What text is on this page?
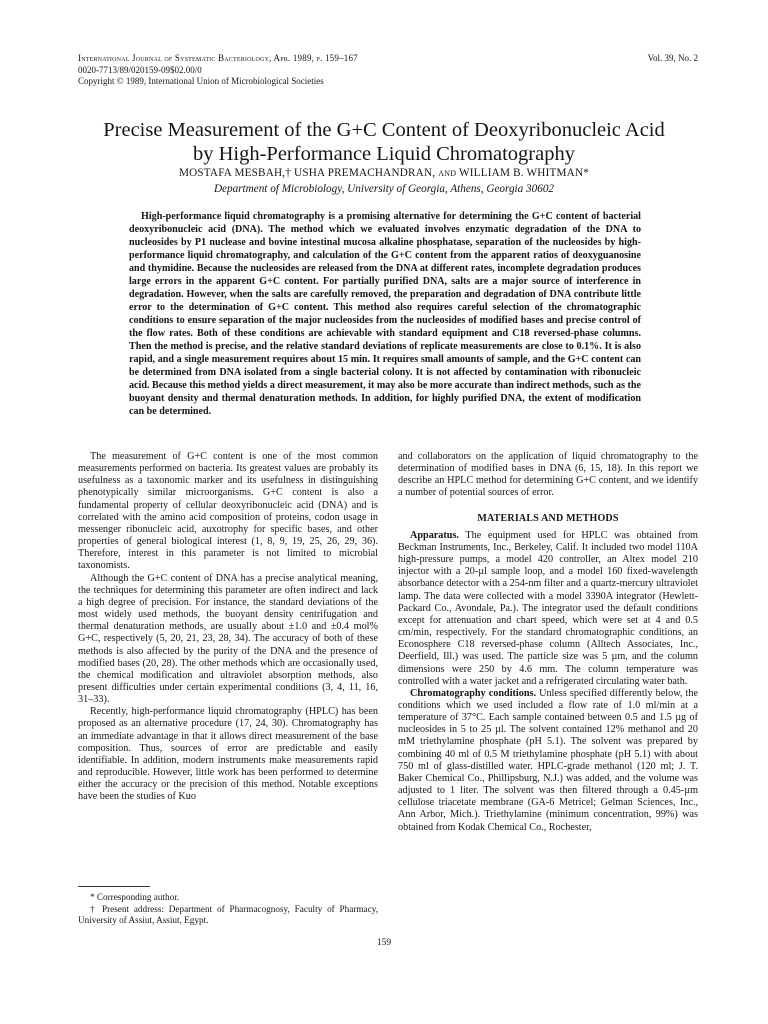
International Journal of Systematic Bacteriology, Apr. 1989, p. 159–167
0020-7713/89/020159-09$02.00/0
Copyright © 1989, International Union of Microbiological Societies
Vol. 39, No. 2
Precise Measurement of the G+C Content of Deoxyribonucleic Acid
by High-Performance Liquid Chromatography
MOSTAFA MESBAH,† USHA PREMACHANDRAN, and WILLIAM B. WHITMAN*
Department of Microbiology, University of Georgia, Athens, Georgia 30602

High-performance liquid chromatography is a promising alternative for determining the G+C content of bacterial deoxyribonucleic acid (DNA). The method which we evaluated involves enzymatic degradation of the DNA to nucleosides by P1 nuclease and bovine intestinal mucosa alkaline phosphatase, separation of the nucleosides by high-performance liquid chromatography, and calculation of the G+C content from the apparent ratios of deoxyguanosine and thymidine. Because the nucleosides are released from the DNA at different rates, incomplete degradation produces large errors in the apparent G+C content. For partially purified DNA, salts are a major source of interference in degradation. However, when the salts are carefully removed, the preparation and degradation of DNA contribute little error to the determination of G+C content. This method also requires careful selection of the chromatographic conditions to ensure separation of the major nucleosides from the nucleosides of modified bases and precise control of the flow rates. Both of these conditions are achievable with standard equipment and C18 reversed-phase columns. Then the method is precise, and the relative standard deviations of replicate measurements are close to 0.1%. It is also rapid, and a single measurement requires about 15 min. It requires small amounts of sample, and the G+C content can be determined from DNA isolated from a single bacterial colony. It is not affected by contamination with ribonucleic acid. Because this method yields a direct measurement, it may also be more accurate than indirect methods, such as the buoyant density and thermal denaturation methods. In addition, for highly purified DNA, the extent of modification can be determined.

The measurement of G+C content is one of the most common measurements performed on bacteria. Its greatest values are probably its usefulness as a taxonomic marker and its usefulness in distinguishing phenotypically similar microorganisms. G+C content is also a fundamental property of cellular deoxyribonucleic acid (DNA) and is correlated with the amino acid composition of proteins, codon usage in messenger ribonucleic acid, auxotrophy for specific bases, and other properties of general biological interest (1, 8, 9, 19, 25, 26, 29, 36). Therefore, interest in this parameter is not limited to microbial taxonomists.

Although the G+C content of DNA has a precise analytical meaning, the techniques for determining this parameter are often indirect and lack a high degree of precision. For instance, the standard deviations of the most widely used methods, the buoyant density centrifugation and thermal denaturation methods, are usually about ±1.0 and ±0.4 mol% G+C, respectively (5, 20, 21, 23, 28, 34). The accuracy of both of these methods is also affected by the purity of the DNA and the presence of modified bases (20, 28). The other methods which are occasionally used, the chemical modification and ultraviolet absorption methods, also present difficulties under certain experimental conditions (3, 4, 11, 16, 31–33).

Recently, high-performance liquid chromatography (HPLC) has been proposed as an alternative procedure (17, 24, 30). Chromatography has an immediate advantage in that it allows direct measurement of the base composition. Thus, sources of error are predictable and easily identifiable. In addition, modern instruments make measurements rapid and reproducible. However, little work has been performed to determine either the accuracy or the precision of this method. Notable exceptions have been the studies of Kuo

and collaborators on the application of liquid chromatography to the determination of modified bases in DNA (6, 15, 18). In this report we describe an HPLC method for determining G+C content, and we identify a number of potential sources of error.

MATERIALS AND METHODS

Apparatus. The equipment used for HPLC was obtained from Beckman Instruments, Inc., Berkeley, Calif. It included two model 110A high-pressure pumps, a model 420 controller, an Altex model 210 injector with a 20-µl sample loop, and a model 160 fixed-wavelength absorbance detector with a 254-nm filter and a quartz-mercury ultraviolet lamp. The data were collected with a model 3390A integrator (Hewlett-Packard Co., Avondale, Pa.). The integrator used the default conditions except for attenuation and chart speed, which were set at 4 and 0.5 cm/min, respectively. For the standard chromatographic conditions, an Econosphere C18 reversed-phase column (Alltech Associates, Inc., Deerfield, Ill.) was used. The particle size was 5 µm, and the column dimensions were 250 by 4.6 mm. The column temperature was controlled with a water jacket and a refrigerated circulating water bath.

Chromatography conditions. Unless specified differently below, the conditions which we used included a flow rate of 1.0 ml/min at a temperature of 37°C. Each sample contained between 0.5 and 1.5 µg of nucleosides in 5 to 25 µl. The solvent contained 12% methanol and 20 mM triethylamine phosphate (pH 5.1). The solvent was prepared by combining 40 ml of 0.5 M triethylamine phosphate (pH 5.1) with about 750 ml of glass-distilled water. HPLC-grade methanol (120 ml; J. T. Baker Chemical Co., Phillipsburg, N.J.) was added, and the volume was adjusted to 1 liter. The solvent was then filtered through a 0.45-µm cellulose triacetate membrane (GA-6 Metricel; Gelman Sciences, Inc., Ann Arbor, Mich.). Triethylamine (minimum concentration, 99%) was obtained from Kodak Chemical Co., Rochester,

* Corresponding author.

† Present address: Department of Pharmacognosy, Faculty of Pharmacy, University of Assiut, Assiut, Egypt.

159
